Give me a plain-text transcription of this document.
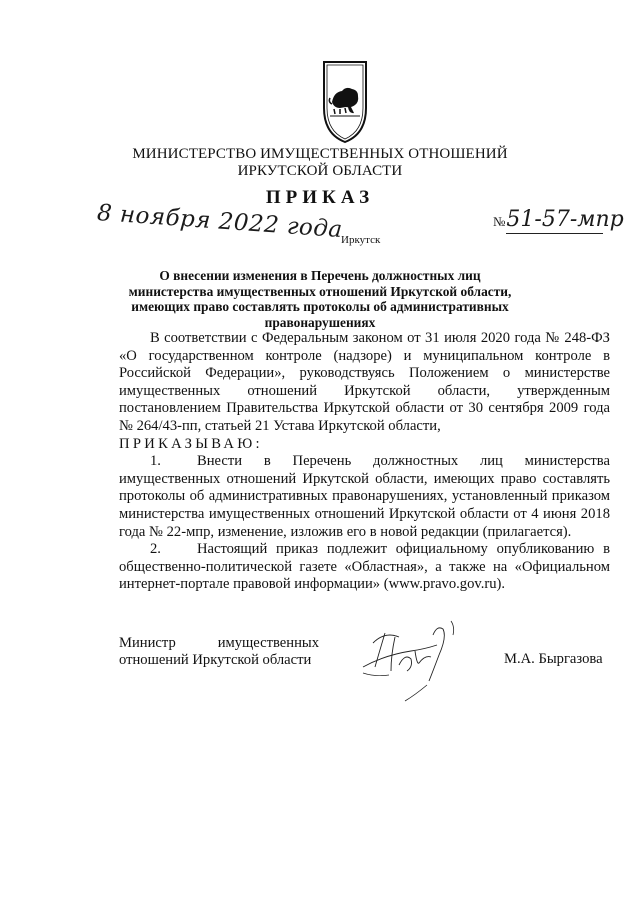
МИНИСТЕРСТВО ИМУЩЕСТВЕННЫХ ОТНОШЕНИЙ
ИРКУТСКОЙ ОБЛАСТИ
ПРИКАЗ
8 ноября 2022 года	№51-57-мпр
Иркутск
О внесении изменения в Перечень должностных лиц министерства имущественных отношений Иркутской области, имеющих право составлять протоколы об административных правонарушениях

В соответствии с Федеральным законом от 31 июля 2020 года № 248-ФЗ «О государственном контроле (надзоре) и муниципальном контроле в Российской Федерации», руководствуясь Положением о министерстве имущественных отношений Иркутской области, утвержденным постановлением Правительства Иркутской области от 30 сентября 2009 года № 264/43-пп, статьей 21 Устава Иркутской области,

ПРИКАЗЫВАЮ:

1. Внести в Перечень должностных лиц министерства имущественных отношений Иркутской области, имеющих право составлять протоколы об административных правонарушениях, установленный приказом министерства имущественных отношений Иркутской области от 4 июня 2018 года № 22-мпр, изменение, изложив его в новой редакции (прилагается).

2. Настоящий приказ подлежит официальному опубликованию в общественно-политической газете «Областная», а также на «Официальном интернет-портале правовой информации» (www.pravo.gov.ru).

Министр	имущественных
отношений Иркутской области	М.А. Быргазова
